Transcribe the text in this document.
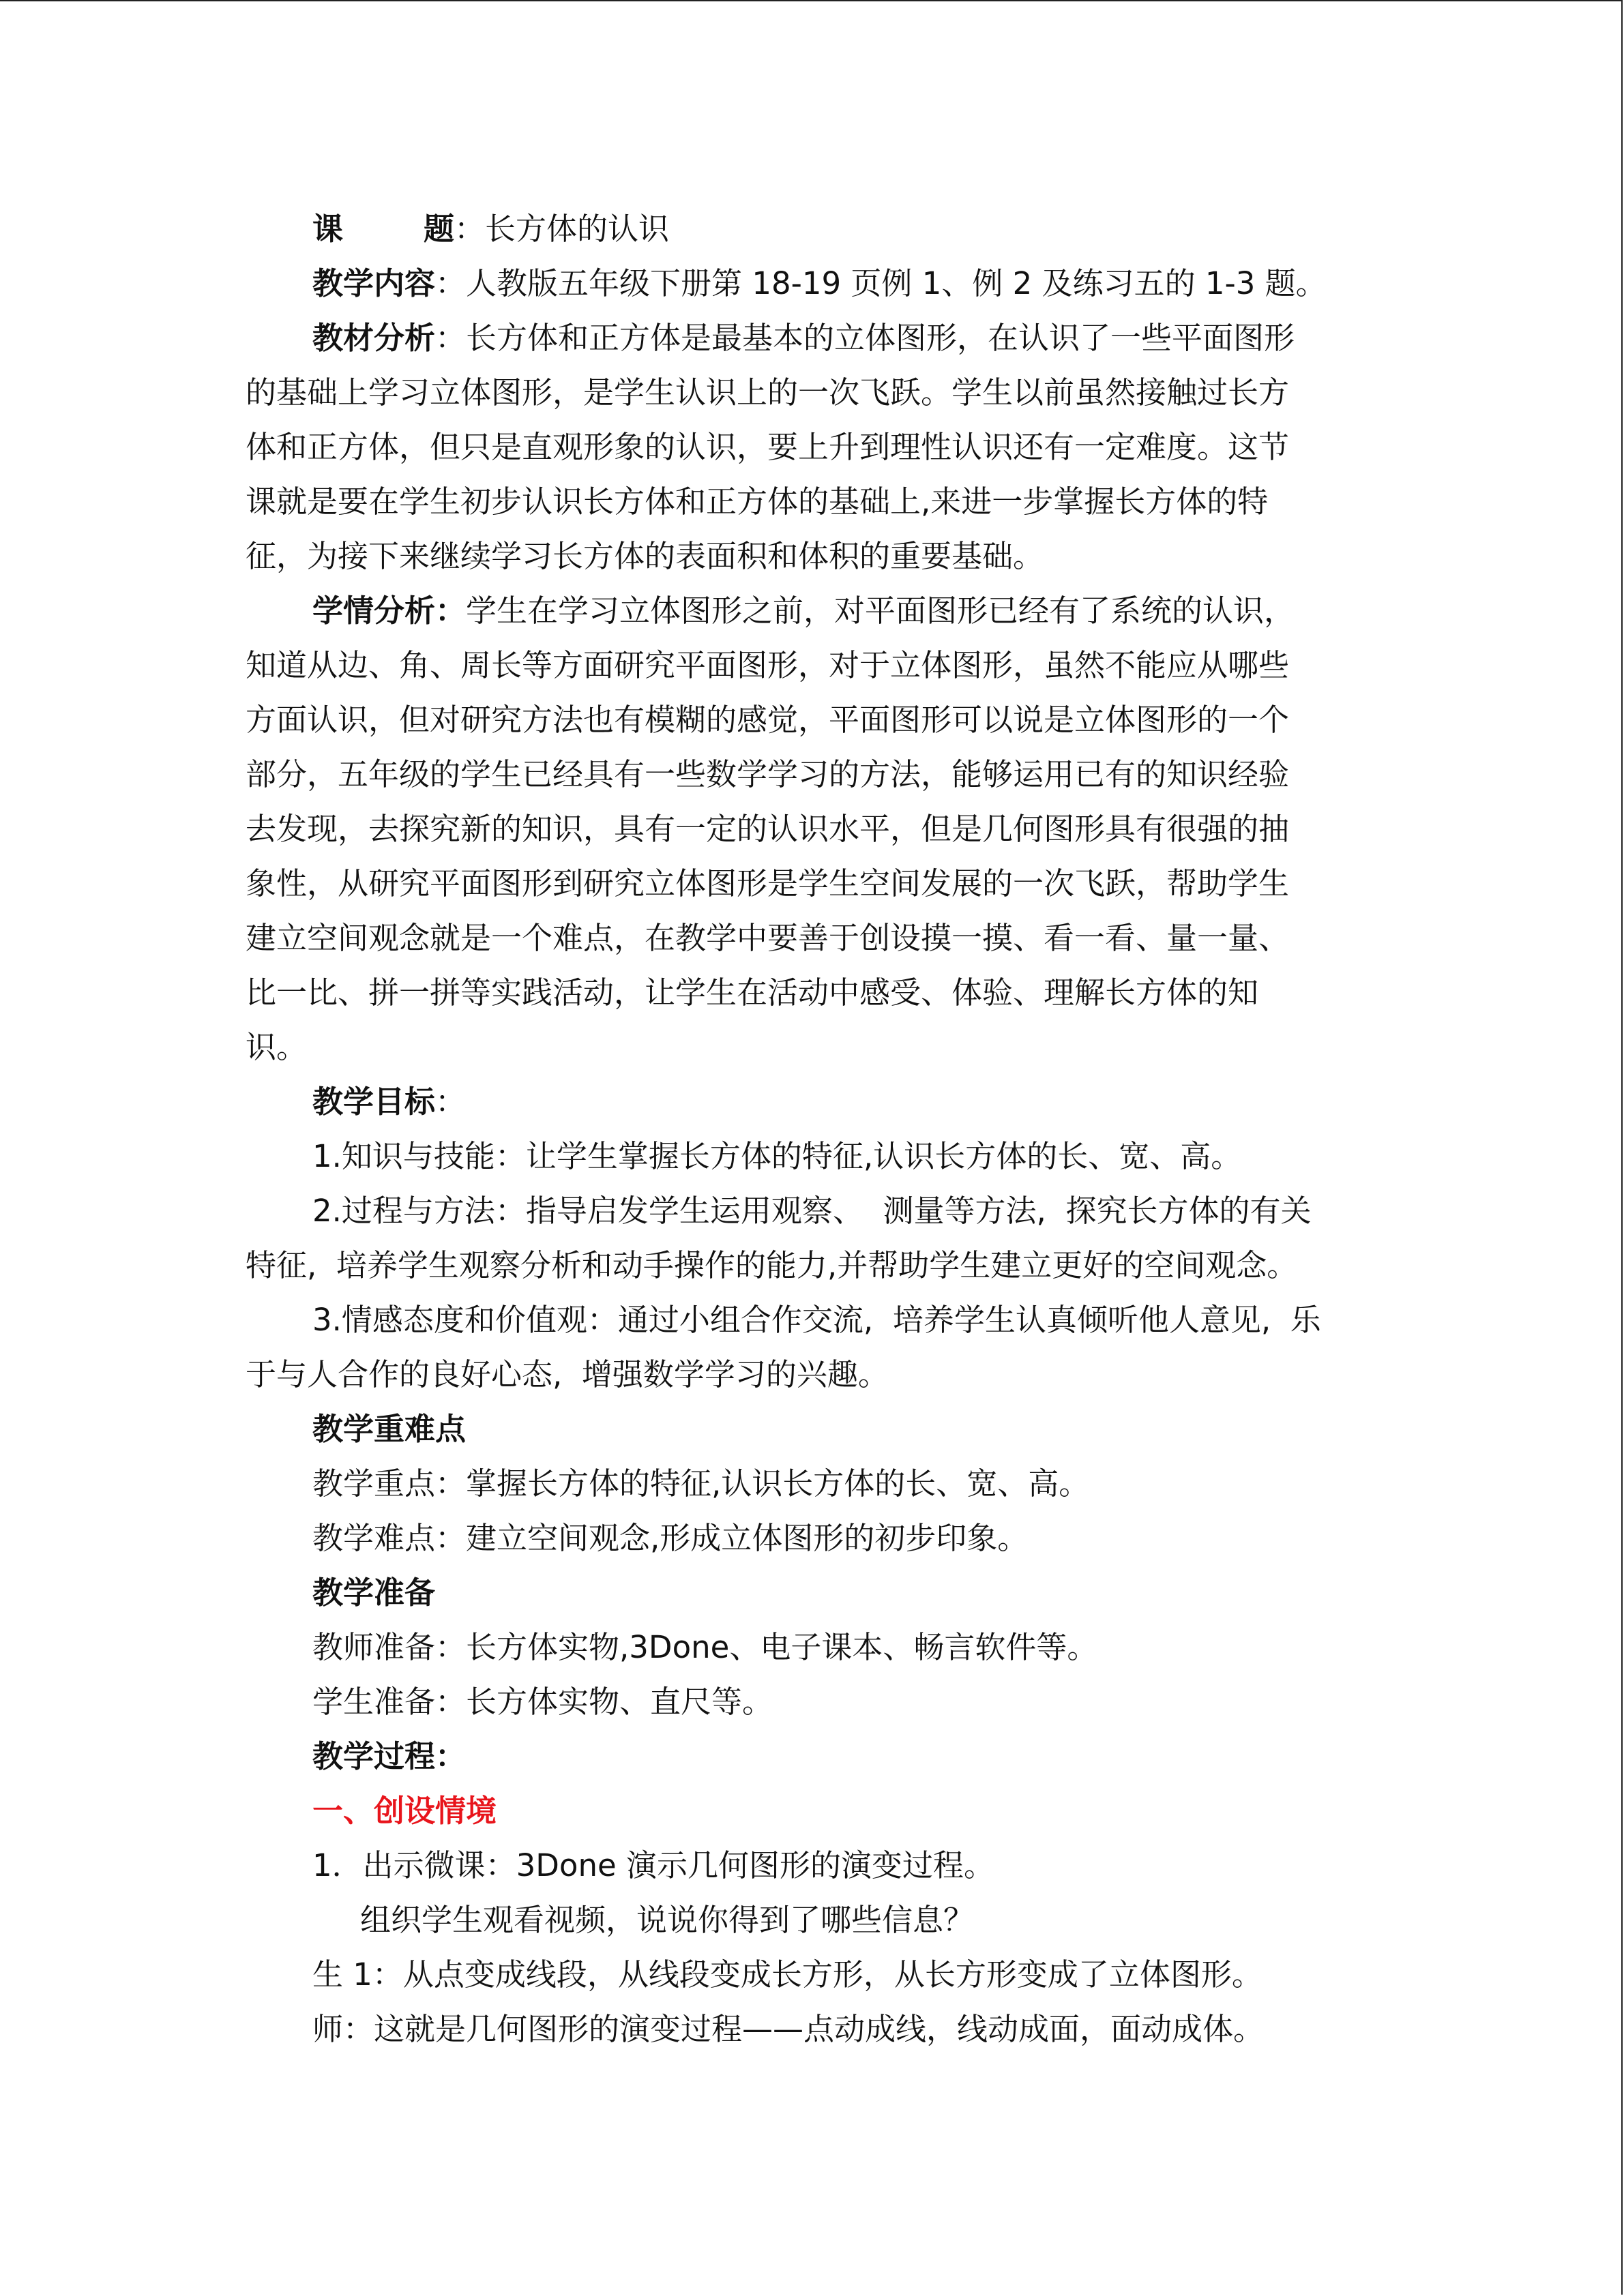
课	题：长方体的认识

教学内容：人教版五年级下册第 18-19 页例 1、例 2 及练习五的 1-3 题。

教材分析：长方体和正方体是最基本的立体图形，在认识了一些平面图形

的基础上学习立体图形，是学生认识上的一次飞跃。学生以前虽然接触过长方

体和正方体，但只是直观形象的认识，要上升到理性认识还有一定难度。这节

课就是要在学生初步认识长方体和正方体的基础上,来进一步掌握长方体的特

征，为接下来继续学习长方体的表面积和体积的重要基础。

学情分析：学生在学习立体图形之前，对平面图形已经有了系统的认识，

知道从边、角、周长等方面研究平面图形，对于立体图形，虽然不能应从哪些

方面认识，但对研究方法也有模糊的感觉，平面图形可以说是立体图形的一个

部分，五年级的学生已经具有一些数学学习的方法，能够运用已有的知识经验

去发现，去探究新的知识，具有一定的认识水平，但是几何图形具有很强的抽

象性，从研究平面图形到研究立体图形是学生空间发展的一次飞跃，帮助学生

建立空间观念就是一个难点，在教学中要善于创设摸一摸、看一看、量一量、

比一比、拼一拼等实践活动，让学生在活动中感受、体验、理解长方体的知

识。

教学目标：

1.知识与技能：让学生掌握长方体的特征,认识长方体的长、宽、高。

2.过程与方法：指导启发学生运用观察、  测量等方法,  探究长方体的有关

特征,  培养学生观察分析和动手操作的能力,并帮助学生建立更好的空间观念。

3.情感态度和价值观：通过小组合作交流,  培养学生认真倾听他人意见,  乐

于与人合作的良好心态,  增强数学学习的兴趣。

教学重难点

教学重点：掌握长方体的特征,认识长方体的长、宽、高。

教学难点：建立空间观念,形成立体图形的初步印象。

教学准备

教师准备：长方体实物,3Done、电子课本、畅言软件等。

学生准备：长方体实物、直尺等。

教学过程：

一、创设情境

1．出示微课：3Done 演示几何图形的演变过程。

组织学生观看视频，说说你得到了哪些信息？

生 1：从点变成线段，从线段变成长方形，从长方形变成了立体图形。

师：这就是几何图形的演变过程——点动成线，线动成面，面动成体。
